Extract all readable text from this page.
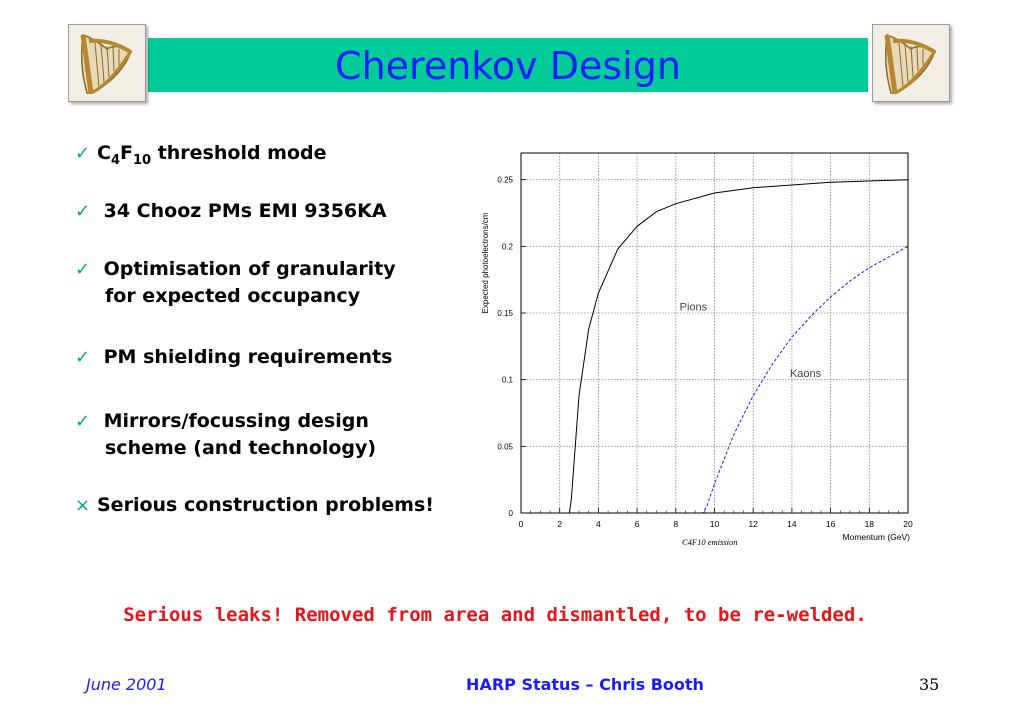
Cherenkov Design
✓ $C_4F_{10}$ threshold mode
✓ 34 Chooz PMs EMI 9356KA
✓ Optimisation of granularity
for expected occupancy
✓ PM shielding requirements
✓ Mirrors/focussing design
scheme (and technology)
× Serious construction problems!
0	2	4	6	8	10	12	14	16	18	20
0
0.05
0.1
0.15
0.2
0.25
Pions
Kaons
Expected photoelectrons/cm
Momentum (GeV)
C4F10 emission
Serious leaks! Removed from area and dismantled, to be re-welded.
June 2001	HARP Status – Chris Booth	35
